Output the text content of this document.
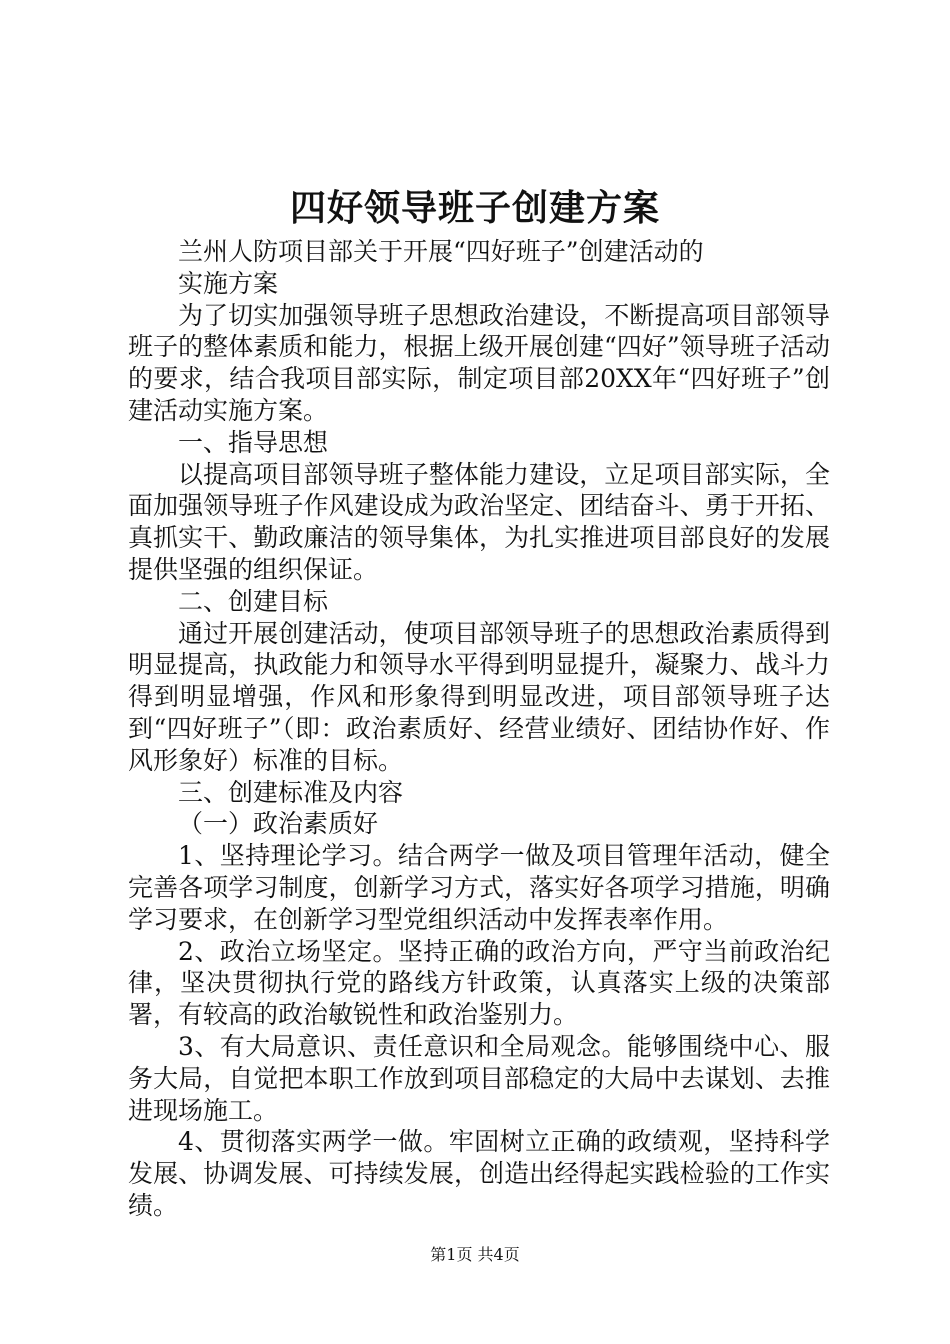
四好领导班子创建方案

兰州人防项目部关于开展“四好班子”创建活动的

实施方案

为了切实加强领导班子思想政治建设，不断提高项目部领导班子的整体素质和能力，根据上级开展创建“四好”领导班子活动的要求，结合我项目部实际，制定项目部20XX年“四好班子”创建活动实施方案。

一、指导思想

以提高项目部领导班子整体能力建设，立足项目部实际，全面加强领导班子作风建设成为政治坚定、团结奋斗、勇于开拓、真抓实干、勤政廉洁的领导集体，为扎实推进项目部良好的发展提供坚强的组织保证。

二、创建目标

通过开展创建活动，使项目部领导班子的思想政治素质得到明显提高，执政能力和领导水平得到明显提升，凝聚力、战斗力得到明显增强，作风和形象得到明显改进，项目部领导班子达到“四好班子”（即：政治素质好、经营业绩好、团结协作好、作风形象好）标准的目标。

三、创建标准及内容

（一）政治素质好

1、坚持理论学习。结合两学一做及项目管理年活动，健全完善各项学习制度，创新学习方式，落实好各项学习措施，明确学习要求，在创新学习型党组织活动中发挥表率作用。

2、政治立场坚定。坚持正确的政治方向，严守当前政治纪律，坚决贯彻执行党的路线方针政策，认真落实上级的决策部署，有较高的政治敏锐性和政治鉴别力。

3、有大局意识、责任意识和全局观念。能够围绕中心、服务大局，自觉把本职工作放到项目部稳定的大局中去谋划、去推进现场施工。

4、贯彻落实两学一做。牢固树立正确的政绩观，坚持科学发展、协调发展、可持续发展，创造出经得起实践检验的工作实绩。

第1页 共4页
